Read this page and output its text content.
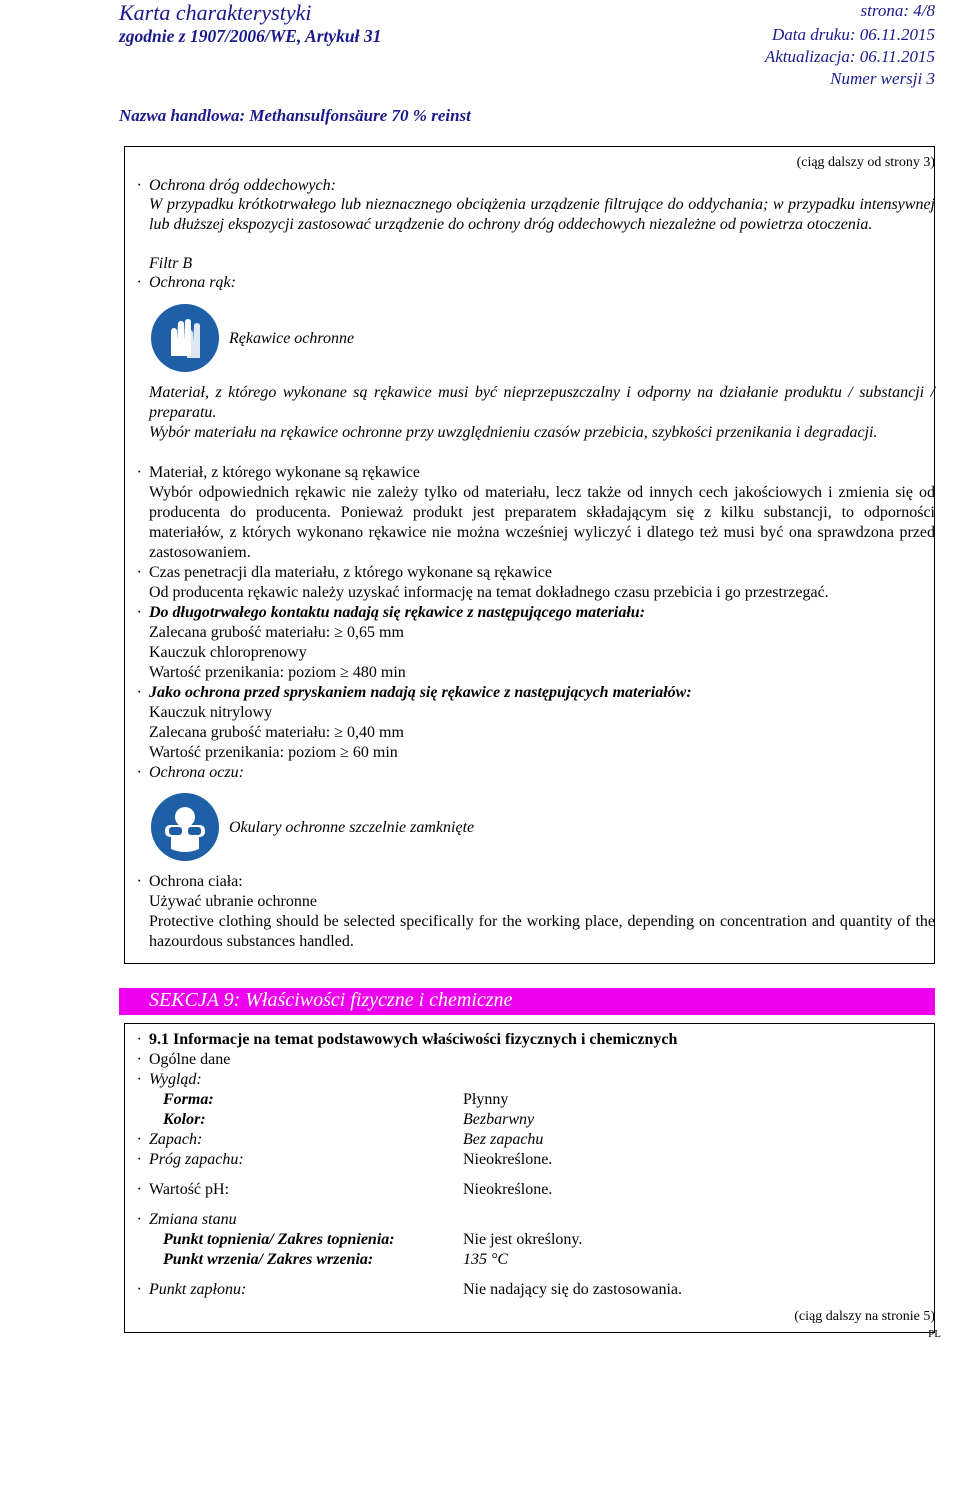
Karta charakterystyki
zgodnie z 1907/2006/WE, Artykuł 31
strona: 4/8
Data druku: 06.11.2015
Aktualizacja: 06.11.2015
Numer wersji 3
Nazwa handlowa: Methansulfonsäure 70 % reinst
(ciąg dalszy od strony 3)
· Ochrona dróg oddechowych:
W przypadku krótkotrwałego lub nieznacznego obciążenia urządzenie filtrujące do oddychania; w przypadku intensywnej lub dłuższej ekspozycji zastosować urządzenie do ochrony dróg oddechowych niezależne od powietrza otoczenia.
Filtr B
· Ochrona rąk:
Rękawice ochronne
Materiał, z którego wykonane są rękawice musi być nieprzepuszczalny i odporny na działanie produktu / substancji / preparatu.
Wybór materiału na rękawice ochronne przy uwzględnieniu czasów przebicia, szybkości przenikania i degradacji.
· Materiał, z którego wykonane są rękawice
Wybór odpowiednich rękawic nie zależy tylko od materiału, lecz także od innych cech jakościowych i zmienia się od producenta do producenta. Ponieważ produkt jest preparatem składającym się z kilku substancji, to odporności materiałów, z których wykonano rękawice nie można wcześniej wyliczyć i dlatego też musi być ona sprawdzona przed zastosowaniem.
· Czas penetracji dla materiału, z którego wykonane są rękawice
Od producenta rękawic należy uzyskać informację na temat dokładnego czasu przebicia i go przestrzegać.
· Do długotrwałego kontaktu nadają się rękawice z następującego materiału:
Zalecana grubość materiału: ≥ 0,65 mm
Kauczuk chloroprenowy
Wartość przenikania: poziom ≥ 480 min
· Jako ochrona przed spryskaniem nadają się rękawice z następujących materiałów:
Kauczuk nitrylowy
Zalecana grubość materiału: ≥ 0,40 mm
Wartość przenikania: poziom ≥ 60 min
· Ochrona oczu:
Okulary ochronne szczelnie zamknięte
· Ochrona ciała:
Używać ubranie ochronne
Protective clothing should be selected specifically for the working place, depending on concentration and quantity of the hazourdous substances handled.
SEKCJA 9: Właściwości fizyczne i chemiczne
· 9.1 Informacje na temat podstawowych właściwości fizycznych i chemicznych
· Ogólne dane
· Wygląd:
Forma:	Płynny
Kolor:	Bezbarwny
· Zapach:	Bez zapachu
· Próg zapachu:	Nieokreślone.
· Wartość pH:	Nieokreślone.
· Zmiana stanu
Punkt topnienia/ Zakres topnienia:	Nie jest określony.
Punkt wrzenia/ Zakres wrzenia:	135 °C
· Punkt zapłonu:	Nie nadający się do zastosowania.
(ciąg dalszy na stronie 5)
PL
